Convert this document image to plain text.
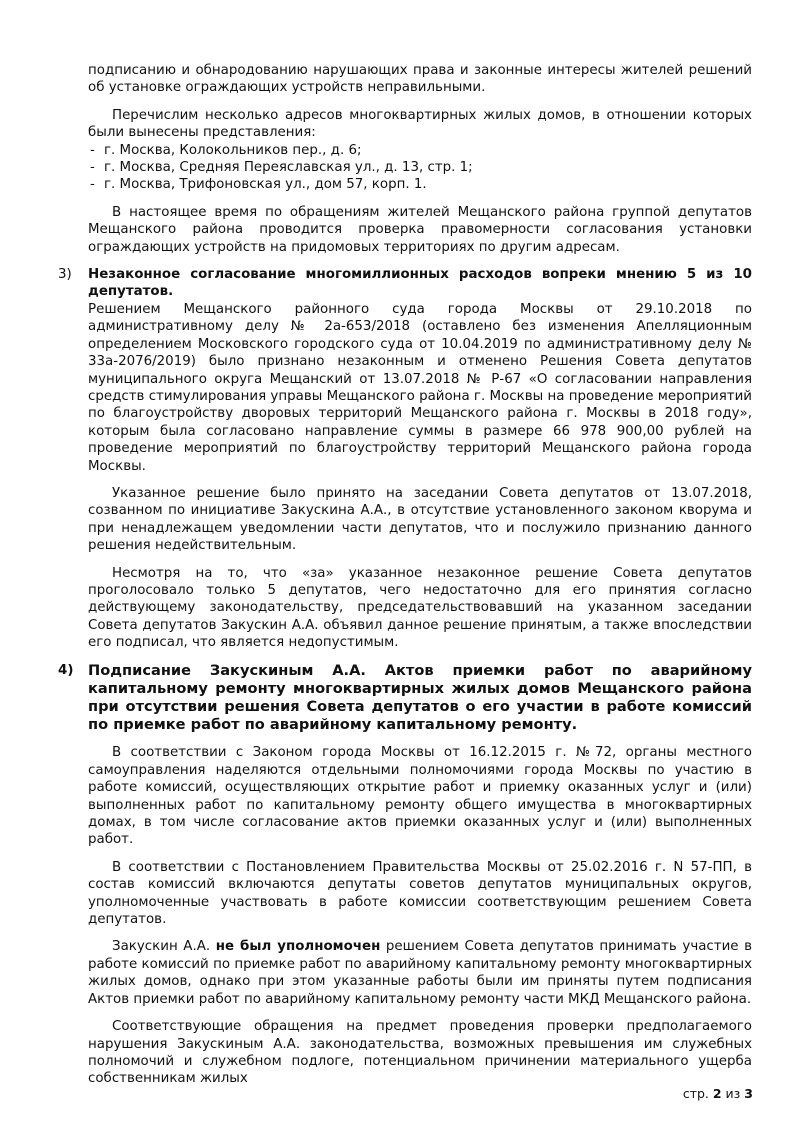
подписанию и обнародованию нарушающих права и законные интересы жителей решений об установке ограждающих устройств неправильными.

Перечислим несколько адресов многоквартирных жилых домов, в отношении которых были вынесены представления:

- г. Москва, Колокольников пер., д. 6;
- г. Москва, Средняя Переяславская ул., д. 13, стр. 1;
- г. Москва, Трифоновская ул., дом 57, корп. 1.

В настоящее время по обращениям жителей Мещанского района группой депутатов Мещанского района проводится проверка правомерности согласования установки ограждающих устройств на придомовых территориях по другим адресам.

3) Незаконное согласование многомиллионных расходов вопреки мнению 5 из 10 депутатов.

Решением Мещанского районного суда города Москвы от 29.10.2018 по административному делу № 2а-653/2018 (оставлено без изменения Апелляционным определением Московского городского суда от 10.04.2019 по административному делу № 33а-2076/2019) было признано незаконным и отменено Решения Совета депутатов муниципального округа Мещанский от 13.07.2018 № Р-67 «О согласовании направления средств стимулирования управы Мещанского района г. Москвы на проведение мероприятий по благоустройству дворовых территорий Мещанского района г. Москвы в 2018 году», которым была согласовано направление суммы в размере 66 978 900,00 рублей на проведение мероприятий по благоустройству территорий Мещанского района города Москвы.

Указанное решение было принято на заседании Совета депутатов от 13.07.2018, созванном по инициативе Закускина А.А., в отсутствие установленного законом кворума и при ненадлежащем уведомлении части депутатов, что и послужило признанию данного решения недействительным.

Несмотря на то, что «за» указанное незаконное решение Совета депутатов проголосовало только 5 депутатов, чего недостаточно для его принятия согласно действующему законодательству, председательствовавший на указанном заседании Совета депутатов Закускин А.А. объявил данное решение принятым, а также впоследствии его подписал, что является недопустимым.

4) Подписание Закускиным А.А. Актов приемки работ по аварийному капитальному ремонту многоквартирных жилых домов Мещанского района при отсутствии решения Совета депутатов о его участии в работе комиссий по приемке работ по аварийному капитальному ремонту.

В соответствии с Законом города Москвы от 16.12.2015 г. №72, органы местного самоуправления наделяются отдельными полномочиями города Москвы по участию в работе комиссий, осуществляющих открытие работ и приемку оказанных услуг и (или) выполненных работ по капитальному ремонту общего имущества в многоквартирных домах, в том числе согласование актов приемки оказанных услуг и (или) выполненных работ.

В соответствии с Постановлением Правительства Москвы от 25.02.2016 г. N 57-ПП, в состав комиссий включаются депутаты советов депутатов муниципальных округов, уполномоченные участвовать в работе комиссии соответствующим решением Совета депутатов.

Закускин А.А. не был уполномочен решением Совета депутатов принимать участие в работе комиссий по приемке работ по аварийному капитальному ремонту многоквартирных жилых домов, однако при этом указанные работы были им приняты путем подписания Актов приемки работ по аварийному капитальному ремонту части МКД Мещанского района.

Соответствующие обращения на предмет проведения проверки предполагаемого нарушения Закускиным А.А. законодательства, возможных превышения им служебных полномочий и служебном подлоге, потенциальном причинении материального ущерба собственникам жилых

стр. 2 из 3
